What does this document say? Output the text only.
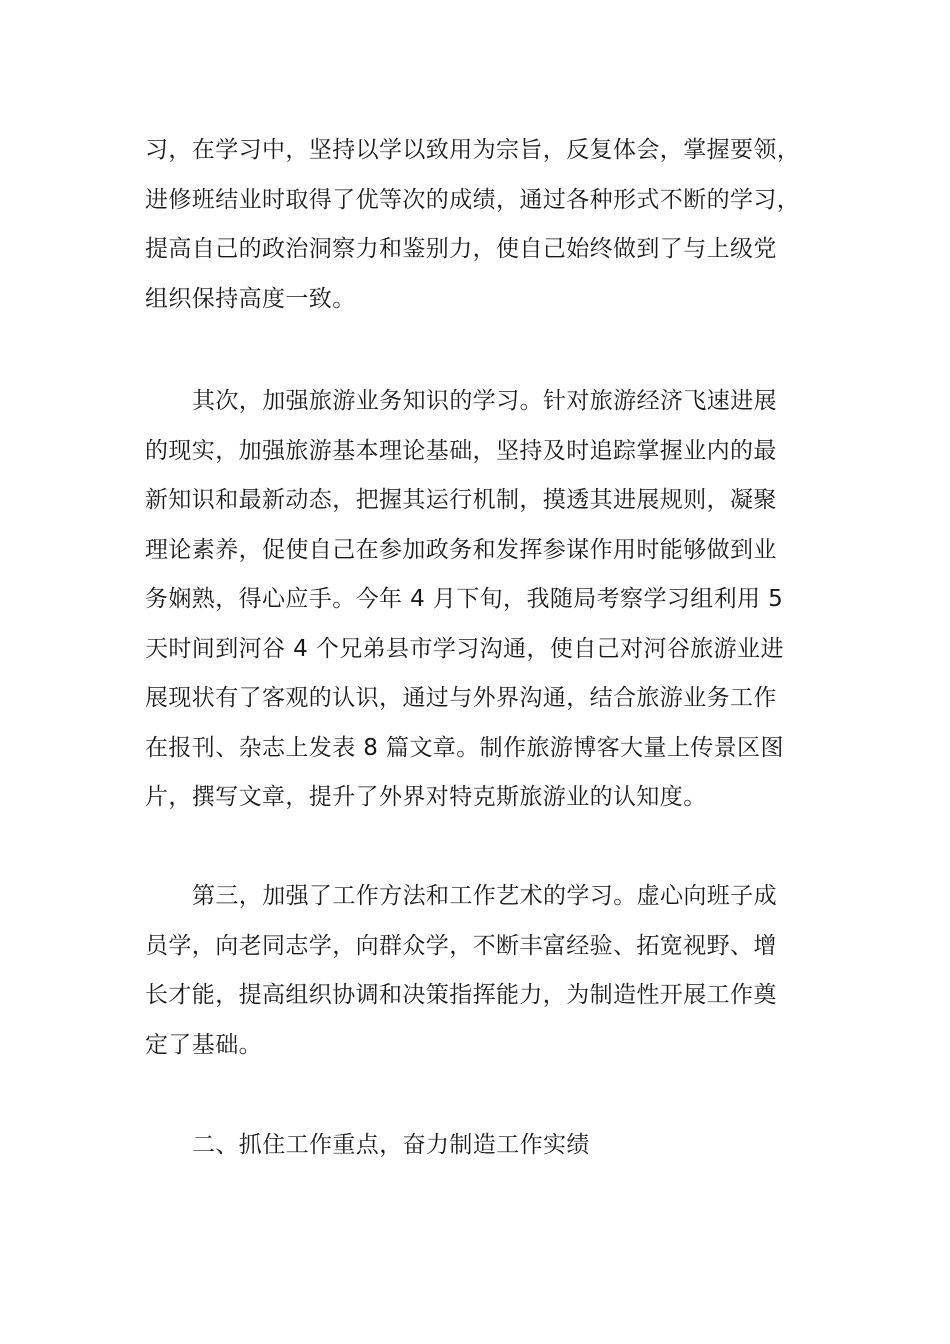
习，在学习中，坚持以学以致用为宗旨，反复体会，掌握要领，

进修班结业时取得了优等次的成绩，通过各种形式不断的学习，

提高自己的政治洞察力和鉴别力，使自己始终做到了与上级党

组织保持高度一致。

其次，加强旅游业务知识的学习。针对旅游经济飞速进展

的现实，加强旅游基本理论基础，坚持及时追踪掌握业内的最

新知识和最新动态，把握其运行机制，摸透其进展规则，凝聚

理论素养，促使自己在参加政务和发挥参谋作用时能够做到业

务娴熟，得心应手。今年 4 月下旬，我随局考察学习组利用 5

天时间到河谷 4 个兄弟县市学习沟通，使自己对河谷旅游业进

展现状有了客观的认识，通过与外界沟通，结合旅游业务工作

在报刊、杂志上发表 8 篇文章。制作旅游博客大量上传景区图

片，撰写文章，提升了外界对特克斯旅游业的认知度。

第三，加强了工作方法和工作艺术的学习。虚心向班子成

员学，向老同志学，向群众学，不断丰富经验、拓宽视野、增

长才能，提高组织协调和决策指挥能力，为制造性开展工作奠

定了基础。

二、抓住工作重点，奋力制造工作实绩
